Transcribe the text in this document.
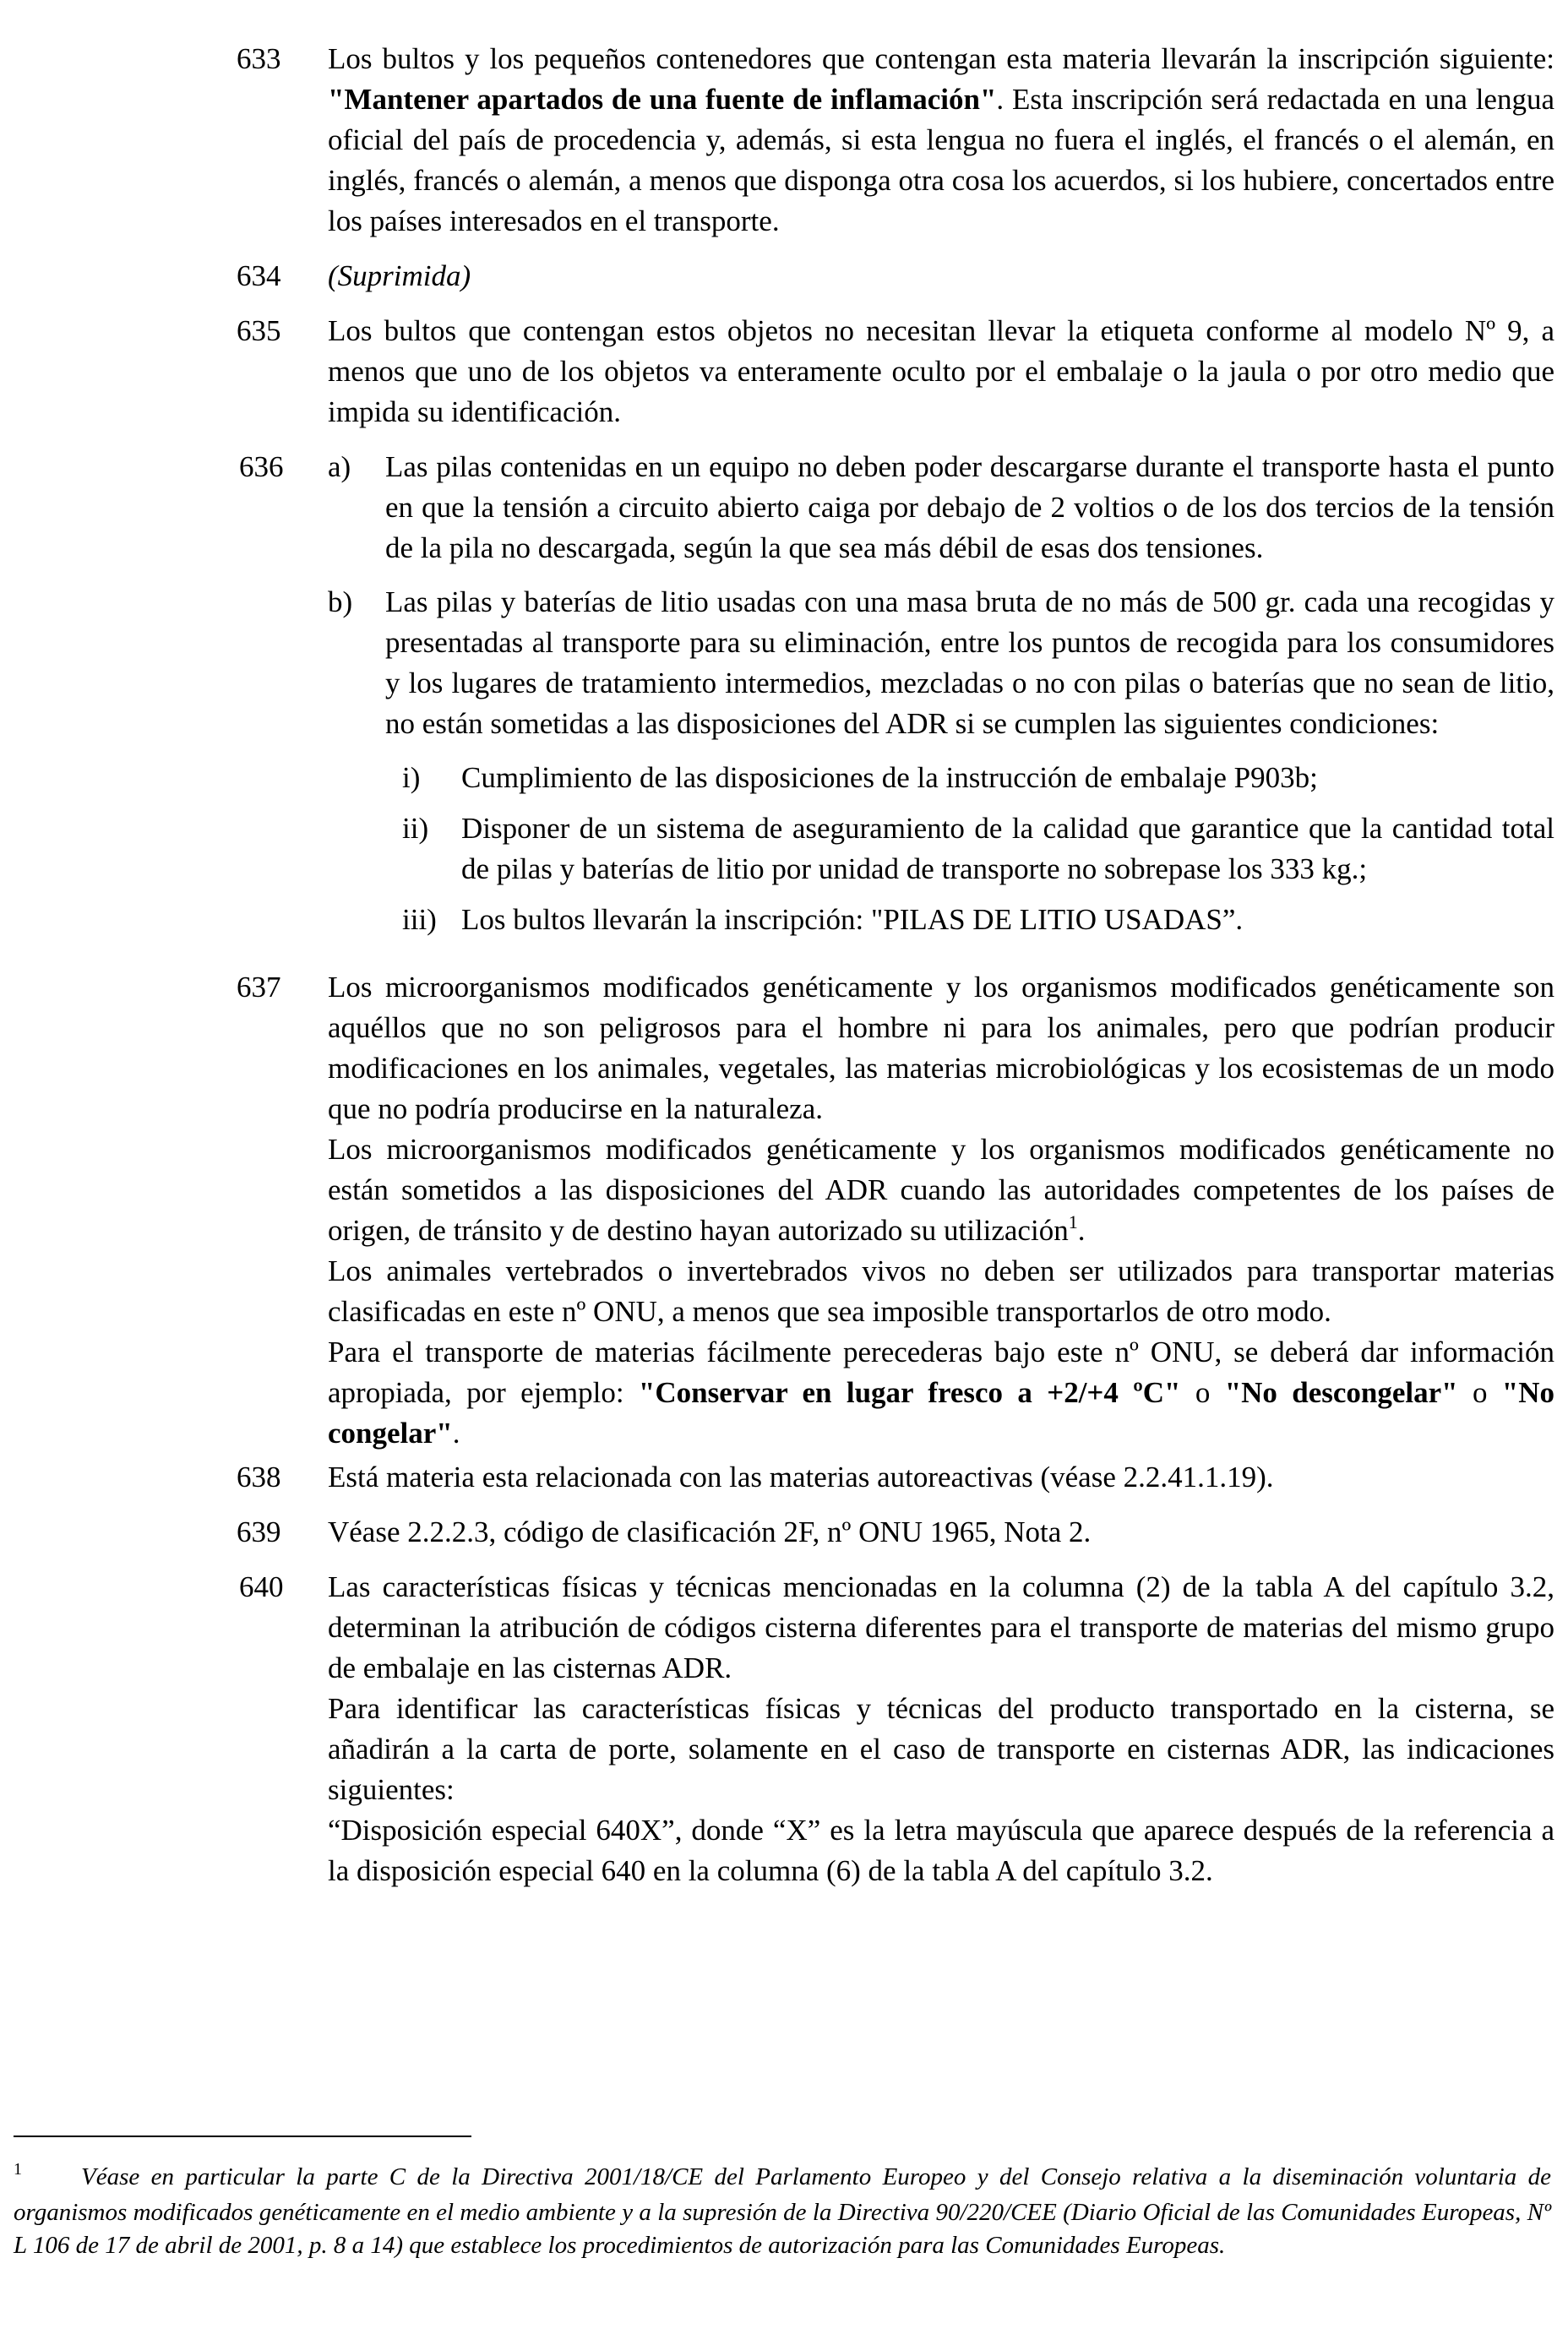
633	Los bultos y los pequeños contenedores que contengan esta materia llevarán la inscripción siguiente: "Mantener apartados de una fuente de inflamación". Esta inscripción será redactada en una lengua oficial del país de procedencia y, además, si esta lengua no fuera el inglés, el francés o el alemán, en inglés, francés o alemán, a menos que disponga otra cosa los acuerdos, si los hubiere, concertados entre los países interesados en el transporte.

634	(Suprimida)
635	Los bultos que contengan estos objetos no necesitan llevar la etiqueta conforme al modelo Nº 9, a menos que uno de los objetos va enteramente oculto por el embalaje o la jaula o por otro medio que impida su identificación.

636	a)	Las pilas contenidas en un equipo no deben poder descargarse durante el transporte hasta el punto en que la tensión a circuito abierto caiga por debajo de 2 voltios o de los dos tercios de la tensión de la pila no descargada, según la que sea más débil de esas dos tensiones.
b)	Las pilas y baterías de litio usadas con una masa bruta de no más de 500 gr. cada una recogidas y presentadas al transporte para su eliminación, entre los puntos de recogida para los consumidores y los lugares de tratamiento intermedios, mezcladas o no con pilas o baterías que no sean de litio, no están sometidas a las disposiciones del ADR si se cumplen las siguientes condiciones:

i)	Cumplimiento de las disposiciones de la instrucción de embalaje P903b;
ii)	Disponer de un sistema de aseguramiento de la calidad que garantice que la cantidad total de pilas y baterías de litio por unidad de transporte no sobrepase los 333 kg.;
iii) Los bultos llevarán la inscripción: "PILAS DE LITIO USADAS”.
637	Los microorganismos modificados genéticamente y los organismos modificados genéticamente son aquéllos que no son peligrosos para el hombre ni para los animales, pero que podrían producir modificaciones en los animales, vegetales, las materias microbiológicas y los ecosistemas de un modo que no podría producirse en la naturaleza.

Los microorganismos modificados genéticamente y los organismos modificados genéticamente no están sometidos a las disposiciones del ADR cuando las autoridades competentes de los países de origen, de tránsito y de destino hayan autorizado su utilización$^1$.

Los animales vertebrados o invertebrados vivos no deben ser utilizados para transportar materias clasificadas en este nº ONU, a menos que sea imposible transportarlos de otro modo.

Para el transporte de materias fácilmente perecederas bajo este nº ONU, se deberá dar información apropiada, por ejemplo: "Conservar en lugar fresco a +2/+4 ºC" o "No descongelar" o "No congelar".

638	Está materia esta relacionada con las materias autoreactivas (véase 2.2.41.1.19).

639	Véase 2.2.2.3, código de clasificación 2F, nº ONU 1965, Nota 2.

640	Las características físicas y técnicas mencionadas en la columna (2) de la tabla A del capítulo 3.2, determinan la atribución de códigos cisterna diferentes para el transporte de materias del mismo grupo de embalaje en las cisternas ADR.

Para identificar las características físicas y técnicas del producto transportado en la cisterna, se añadirán a la carta de porte, solamente en el caso de transporte en cisternas ADR, las indicaciones siguientes:

“Disposición especial 640X”, donde “X” es la letra mayúscula que aparece después de la referencia a la disposición especial 640 en la columna (6) de la tabla A del capítulo 3.2.

1 Véase en particular la parte C de la Directiva 2001/18/CE del Parlamento Europeo y del Consejo relativa a la diseminación voluntaria de organismos modificados genéticamente en el medio ambiente y a la supresión de la Directiva 90/220/CEE (Diario Oficial de las Comunidades Europeas, Nº L 106 de 17 de abril de 2001, p. 8 a 14) que establece los procedimientos de autorización para las Comunidades Europeas.
